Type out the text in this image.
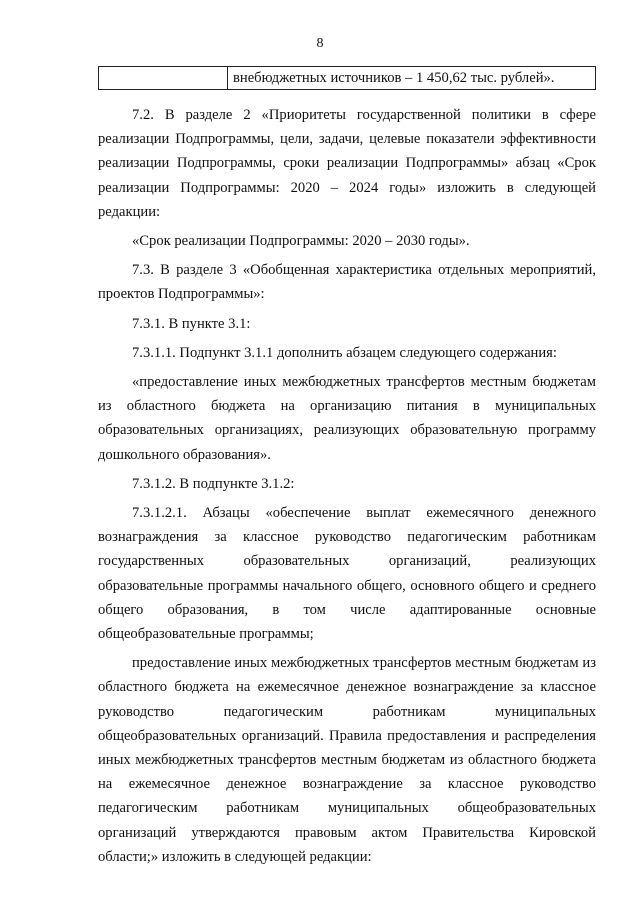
8
внебюджетных источников – 1 450,62 тыс. рублей».

7.2. В разделе 2 «Приоритеты государственной политики в сфере реализации Подпрограммы, цели, задачи, целевые показатели эффективности реализации Подпрограммы, сроки реализации Подпрограммы» абзац «Срок реализации Подпрограммы: 2020 – 2024 годы» изложить в следующей редакции:

«Срок реализации Подпрограммы: 2020 – 2030 годы».

7.3. В разделе 3 «Обобщенная характеристика отдельных мероприятий, проектов Подпрограммы»:

7.3.1. В пункте 3.1:

7.3.1.1. Подпункт 3.1.1 дополнить абзацем следующего содержания:

«предоставление иных межбюджетных трансфертов местным бюджетам из областного бюджета на организацию питания в муниципальных образовательных организациях, реализующих образовательную программу дошкольного образования».

7.3.1.2. В подпункте 3.1.2:

7.3.1.2.1. Абзацы «обеспечение выплат ежемесячного денежного вознаграждения за классное руководство педагогическим работникам государственных образовательных организаций, реализующих образовательные программы начального общего, основного общего и среднего общего образования, в том числе адаптированные основные общеобразовательные программы;

предоставление иных межбюджетных трансфертов местным бюджетам из областного бюджета на ежемесячное денежное вознаграждение за классное руководство педагогическим работникам муниципальных общеобразовательных организаций. Правила предоставления и распределения иных межбюджетных трансфертов местным бюджетам из областного бюджета на ежемесячное денежное вознаграждение за классное руководство педагогическим работникам муниципальных общеобразовательных организаций утверждаются правовым актом Правительства Кировской области;» изложить в следующей редакции:
